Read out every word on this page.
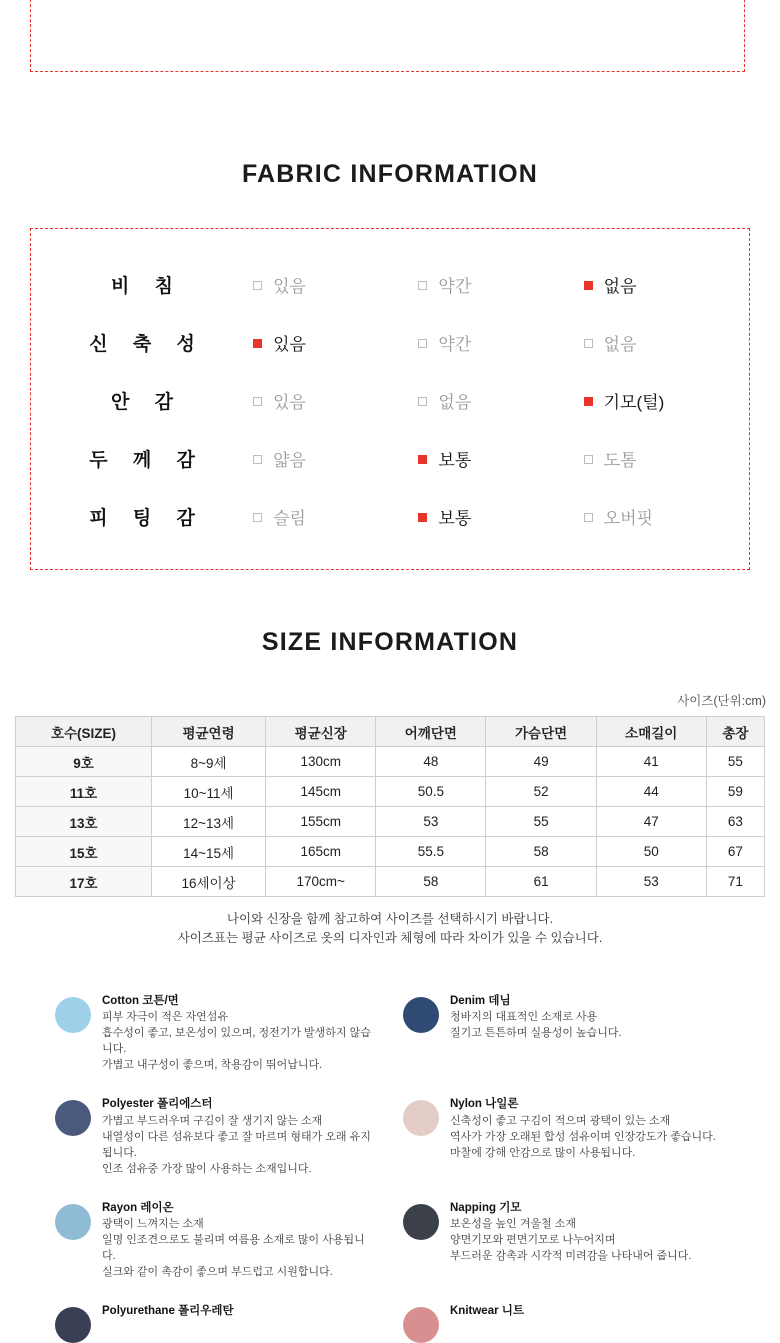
FABRIC INFORMATION
비 침	있음	약간	없음
신 축 성	있음	약간	없음
안 감	있음	없음	기모(털)
두 께 감	얇음	보통	도톰
피 팅 감	슬림	보통	오버핏
SIZE INFORMATION
사이즈(단위:cm)
호수(SIZE)	평균연령	평균신장	어깨단면	가슴단면	소매길이	총장
9호	8~9세	130cm	48	49	41	55
11호	10~11세	145cm	50.5	52	44	59
13호	12~13세	155cm	53	55	47	63
15호	14~15세	165cm	55.5	58	50	67
17호	16세이상	170cm~	58	61	53	71
나이와 신장을 함께 참고하여 사이즈를 선택하시기 바랍니다.
사이즈표는 평균 사이즈로 옷의 디자인과 체형에 따라 차이가 있을 수 있습니다.
Cotton 코튼/면
피부 자극이 적은 자연섬유
흡수성이 좋고, 보온성이 있으며, 정전기가 발생하지 않습니다.
가볍고 내구성이 좋으며, 착용감이 뛰어납니다.
Denim 데님
청바지의 대표적인 소재로 사용
질기고 튼튼하며 실용성이 높습니다.
Polyester 폴리에스터
가볍고 부드러우며 구김이 잘 생기지 않는 소재
내열성이 다른 섬유보다 좋고 잘 마르며 형태가 오래 유지됩니다.
인조 섬유중 가장 많이 사용하는 소재입니다.
Nylon 나일론
신축성이 좋고 구김이 적으며 광택이 있는 소재
역사가 가장 오래된 합성 섬유이며 인장강도가 좋습니다.
마찰에 강해 안감으로 많이 사용됩니다.
Rayon 레이온
광택이 느껴지는 소재
일명 인조견으로도 불리며 여름용 소재로 많이 사용됩니다.
실크와 같이 촉감이 좋으며 부드럽고 시원합니다.
Napping 기모
보온성을 높인 겨울철 소재
양면기모와 편면기모로 나누어지며
부드러운 감촉과 시각적 미려감을 나타내어 줍니다.
Polyurethane 폴리우레탄	Knitwear 니트
